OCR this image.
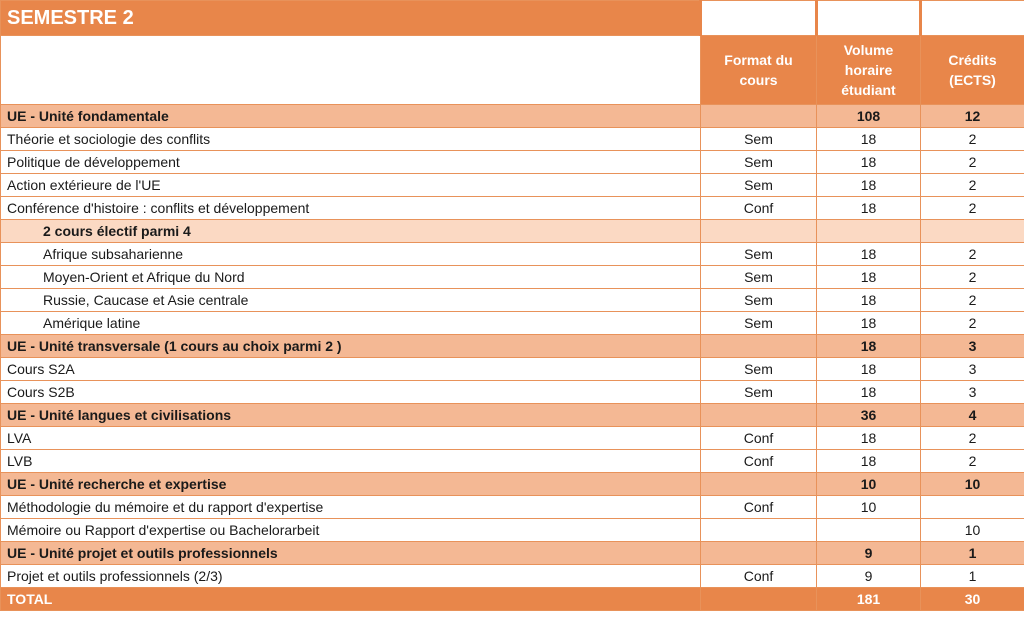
SEMESTRE 2			
	Format du cours	Volume horaire étudiant	Crédits (ECTS)
UE - Unité fondamentale		108	12
Théorie et sociologie des conflits	Sem	18	2
Politique de développement	Sem	18	2
Action extérieure de l'UE	Sem	18	2
Conférence d'histoire : conflits et développement	Conf	18	2
2 cours électif parmi 4			
Afrique subsaharienne	Sem	18	2
Moyen-Orient et Afrique du Nord	Sem	18	2
Russie, Caucase et Asie centrale	Sem	18	2
Amérique latine	Sem	18	2
UE - Unité transversale (1 cours au choix parmi 2 )		18	3
Cours S2A	Sem	18	3
Cours S2B	Sem	18	3
UE - Unité langues et civilisations		36	4
LVA	Conf	18	2
LVB	Conf	18	2
UE - Unité recherche et expertise		10	10
Méthodologie du mémoire et du rapport d'expertise	Conf	10	
Mémoire ou Rapport d'expertise ou Bachelorarbeit			10
UE - Unité projet et outils professionnels		9	1
Projet et outils professionnels (2/3)	Conf	9	1
TOTAL		181	30
